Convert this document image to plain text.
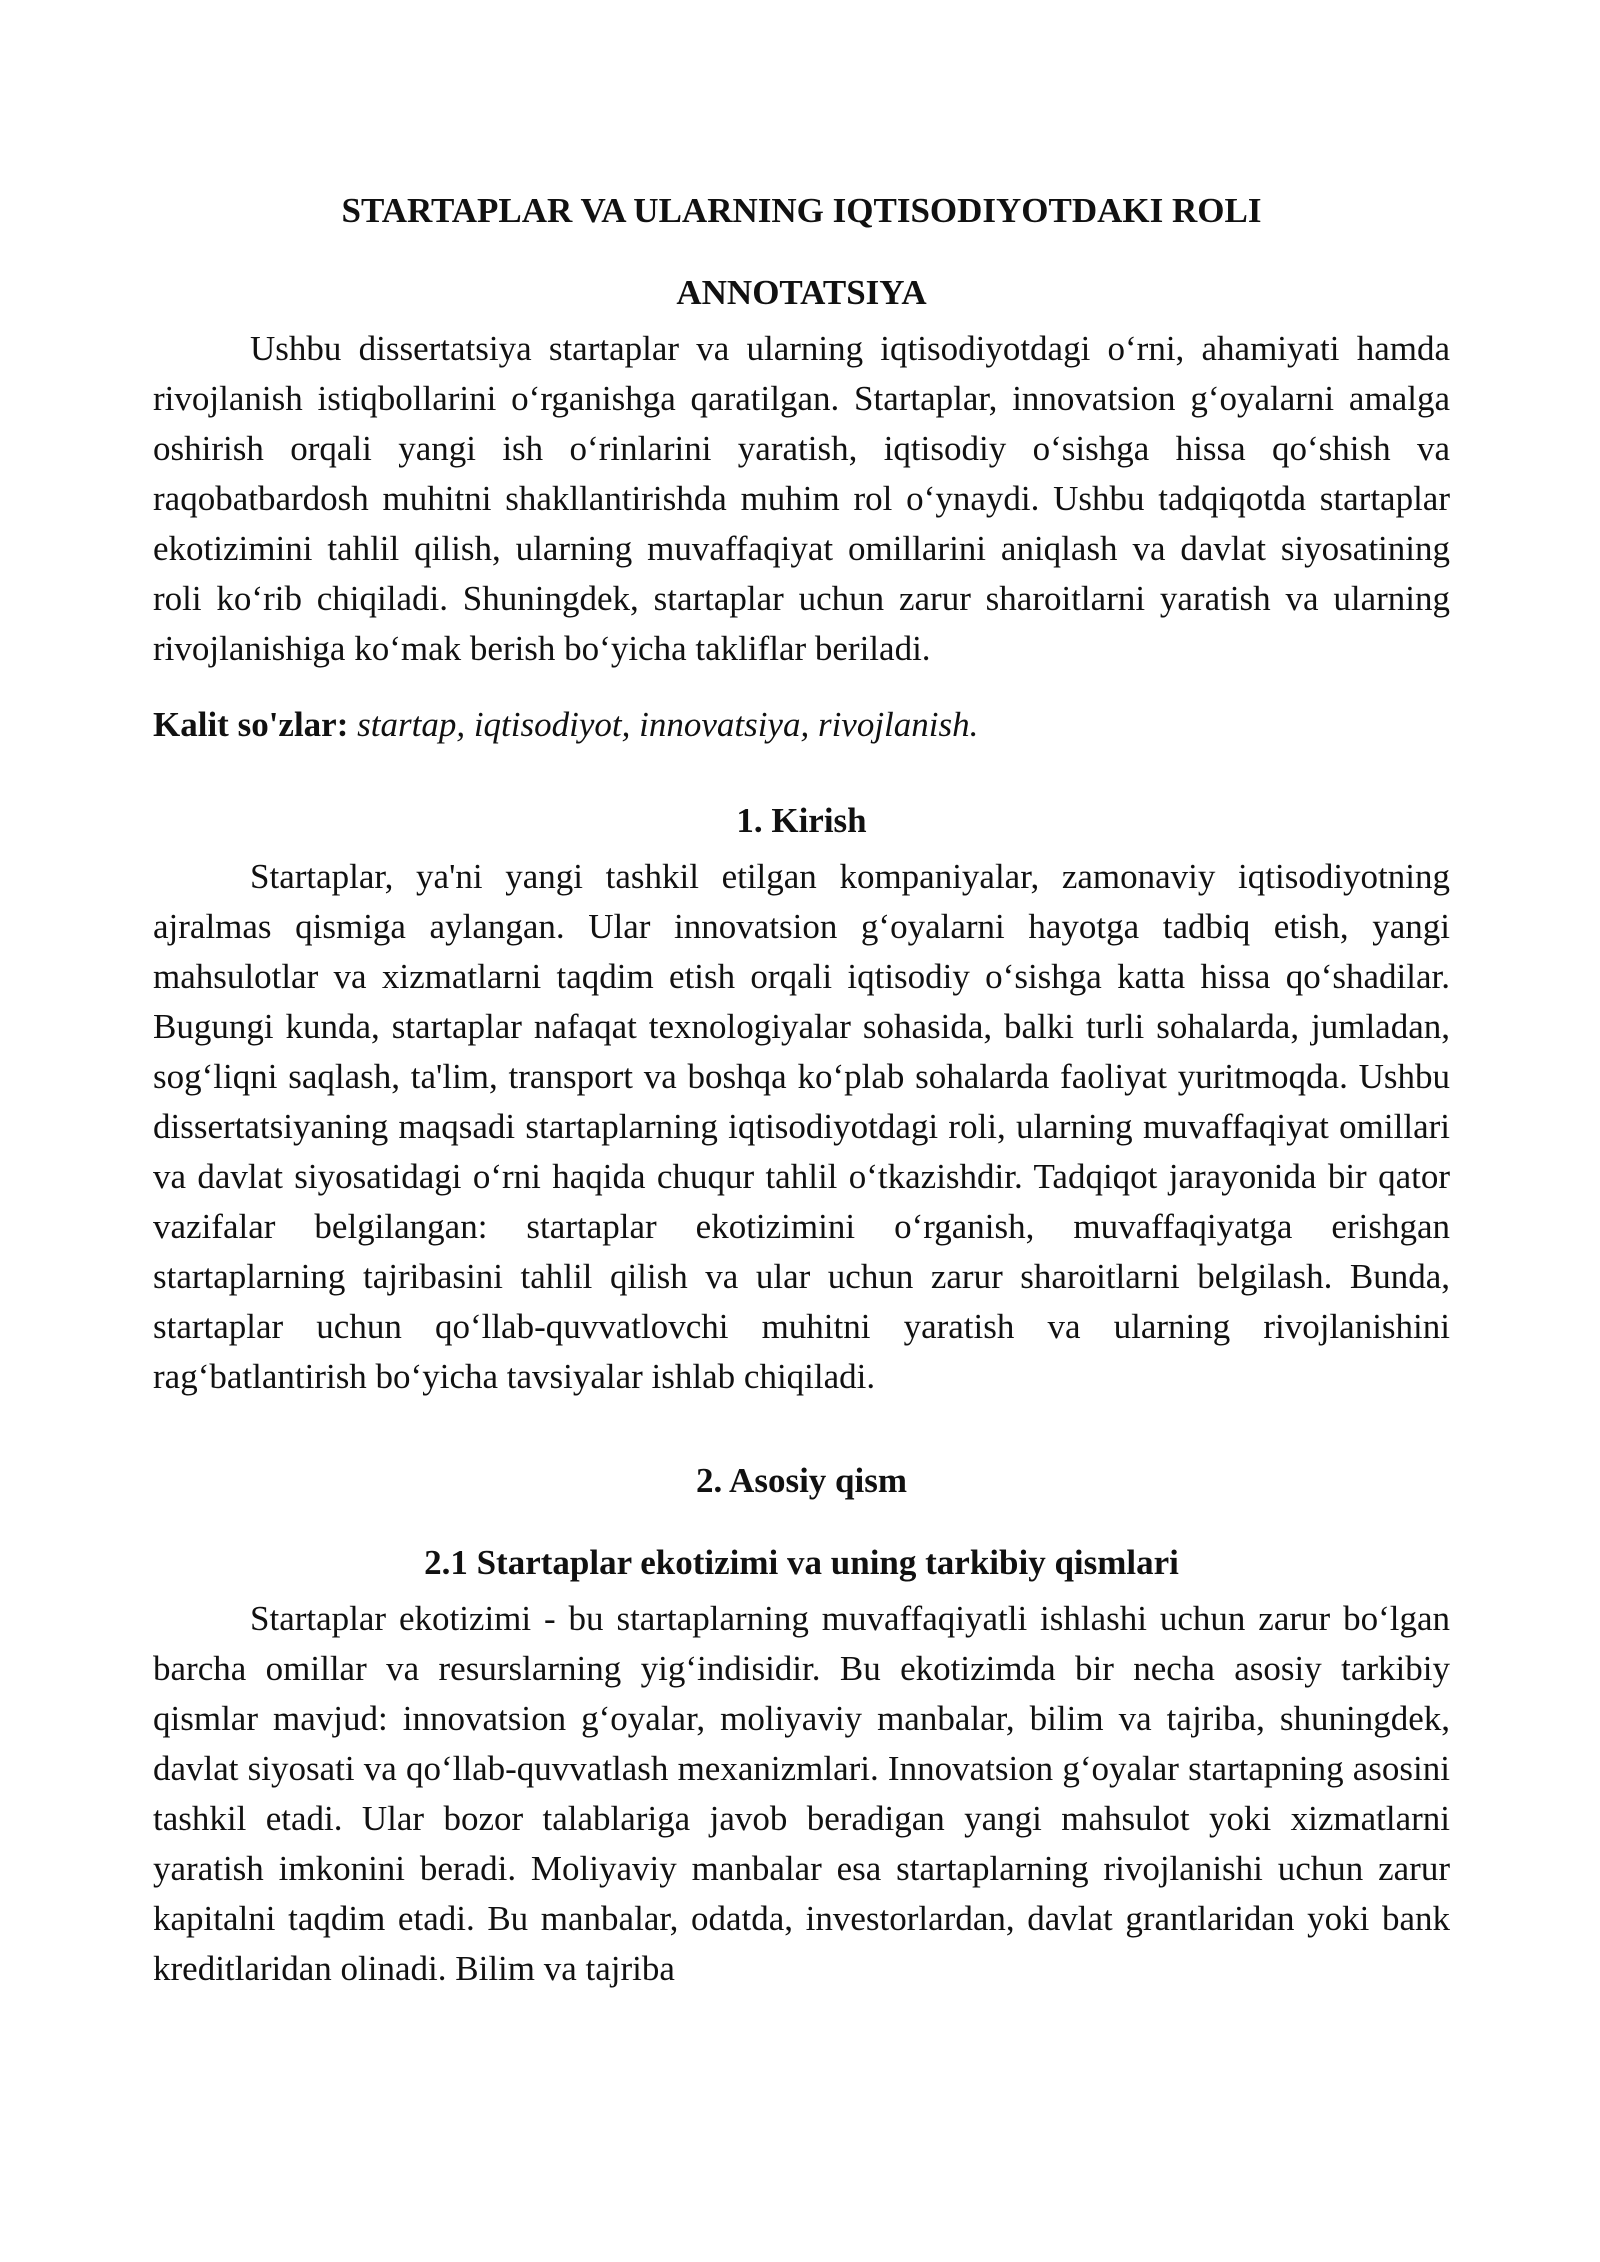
STARTAPLAR VA ULARNING IQTISODIYOTDAKI ROLI

ANNOTATSIYA

Ushbu dissertatsiya startaplar va ularning iqtisodiyotdagi o‘rni, ahamiyati hamda rivojlanish istiqbollarini o‘rganishga qaratilgan. Startaplar, innovatsion g‘oyalarni amalga oshirish orqali yangi ish o‘rinlarini yaratish, iqtisodiy o‘sishga hissa qo‘shish va raqobatbardosh muhitni shakllantirishda muhim rol o‘ynaydi. Ushbu tadqiqotda startaplar ekotizimini tahlil qilish, ularning muvaffaqiyat omillarini aniqlash va davlat siyosatining roli ko‘rib chiqiladi. Shuningdek, startaplar uchun zarur sharoitlarni yaratish va ularning rivojlanishiga ko‘mak berish bo‘yicha takliflar beriladi.

Kalit so'zlar: startap, iqtisodiyot, innovatsiya, rivojlanish.

1. Kirish

Startaplar, ya'ni yangi tashkil etilgan kompaniyalar, zamonaviy iqtisodiyotning ajralmas qismiga aylangan. Ular innovatsion g‘oyalarni hayotga tadbiq etish, yangi mahsulotlar va xizmatlarni taqdim etish orqali iqtisodiy o‘sishga katta hissa qo‘shadilar. Bugungi kunda, startaplar nafaqat texnologiyalar sohasida, balki turli sohalarda, jumladan, sog‘liqni saqlash, ta'lim, transport va boshqa ko‘plab sohalarda faoliyat yuritmoqda. Ushbu dissertatsiyaning maqsadi startaplarning iqtisodiyotdagi roli, ularning muvaffaqiyat omillari va davlat siyosatidagi o‘rni haqida chuqur tahlil o‘tkazishdir. Tadqiqot jarayonida bir qator vazifalar belgilangan: startaplar ekotizimini o‘rganish, muvaffaqiyatga erishgan startaplarning tajribasini tahlil qilish va ular uchun zarur sharoitlarni belgilash. Bunda, startaplar uchun qo‘llab-quvvatlovchi muhitni yaratish va ularning rivojlanishini rag‘batlantirish bo‘yicha tavsiyalar ishlab chiqiladi.

2. Asosiy qism

2.1 Startaplar ekotizimi va uning tarkibiy qismlari

Startaplar ekotizimi - bu startaplarning muvaffaqiyatli ishlashi uchun zarur bo‘lgan barcha omillar va resurslarning yig‘indisidir. Bu ekotizimda bir necha asosiy tarkibiy qismlar mavjud: innovatsion g‘oyalar, moliyaviy manbalar, bilim va tajriba, shuningdek, davlat siyosati va qo‘llab-quvvatlash mexanizmlari. Innovatsion g‘oyalar startapning asosini tashkil etadi. Ular bozor talablariga javob beradigan yangi mahsulot yoki xizmatlarni yaratish imkonini beradi. Moliyaviy manbalar esa startaplarning rivojlanishi uchun zarur kapitalni taqdim etadi. Bu manbalar, odatda, investorlardan, davlat grantlaridan yoki bank kreditlaridan olinadi. Bilim va tajriba
